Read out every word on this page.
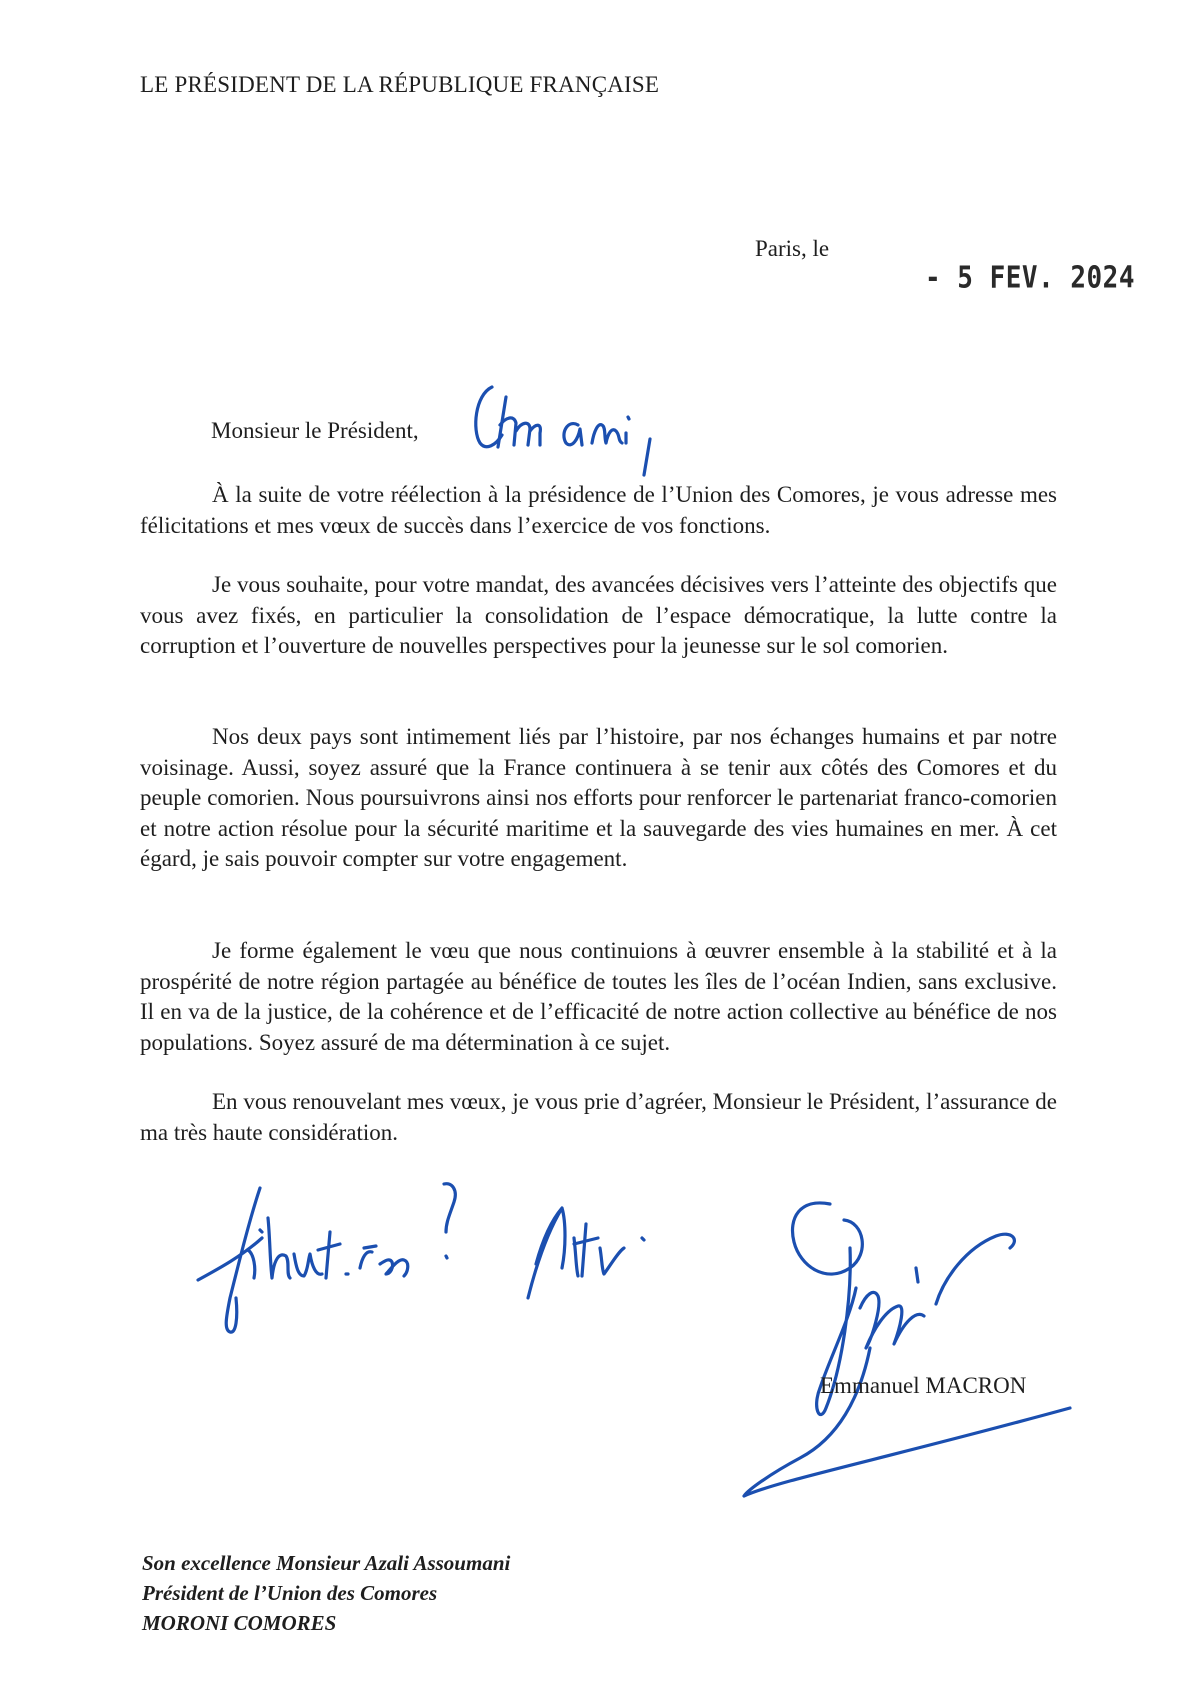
LE PRÉSIDENT DE LA RÉPUBLIQUE FRANÇAISE
Paris, le
- 5 FEV. 2024
Monsieur le Président,

À la suite de votre réélection à la présidence de l’Union des Comores, je vous adresse mes félicitations et mes vœux de succès dans l’exercice de vos fonctions.

Je vous souhaite, pour votre mandat, des avancées décisives vers l’atteinte des objectifs que vous avez fixés, en particulier la consolidation de l’espace démocratique, la lutte contre la corruption et l’ouverture de nouvelles perspectives pour la jeunesse sur le sol comorien.

Nos deux pays sont intimement liés par l’histoire, par nos échanges humains et par notre voisinage. Aussi, soyez assuré que la France continuera à se tenir aux côtés des Comores et du peuple comorien. Nous poursuivrons ainsi nos efforts pour renforcer le partenariat franco-comorien et notre action résolue pour la sécurité maritime et la sauvegarde des vies humaines en mer. À cet égard, je sais pouvoir compter sur votre engagement.

Je forme également le vœu que nous continuions à œuvrer ensemble à la stabilité et à la prospérité de notre région partagée au bénéfice de toutes les îles de l’océan Indien, sans exclusive. Il en va de la justice, de la cohérence et de l’efficacité de notre action collective au bénéfice de nos populations. Soyez assuré de ma détermination à ce sujet.

En vous renouvelant mes vœux, je vous prie d’agréer, Monsieur le Président, l’assurance de ma très haute considération.

Emmanuel MACRON
Son excellence Monsieur Azali Assoumani
Président de l’Union des Comores
MORONI COMORES
